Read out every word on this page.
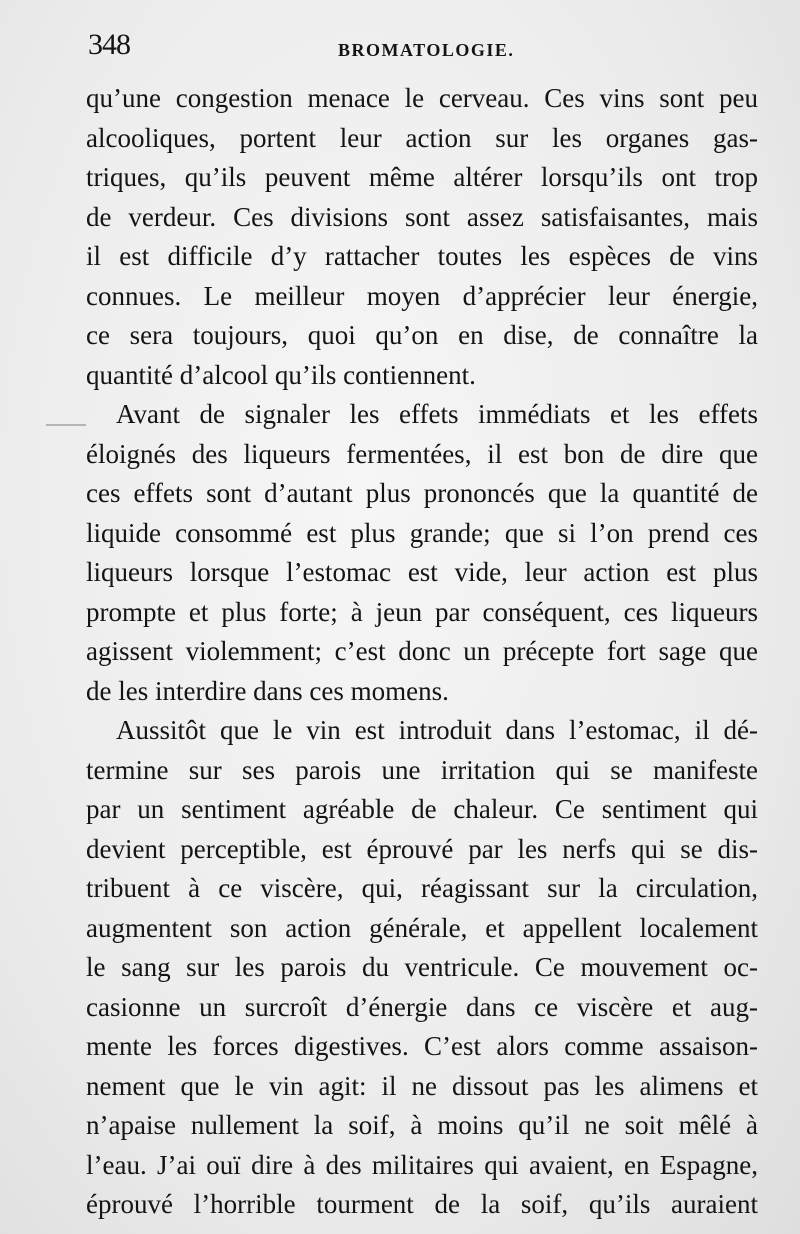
348	BROMATOLOGIE.
qu’une congestion menace le cerveau. Ces vins sont peu
alcooliques, portent leur action sur les organes gas-
triques, qu’ils peuvent même altérer lorsqu’ils ont trop
de verdeur. Ces divisions sont assez satisfaisantes, mais
il est difficile d’y rattacher toutes les espèces de vins
connues. Le meilleur moyen d’apprécier leur énergie,
ce sera toujours, quoi qu’on en dise, de connaître la
quantité d’alcool qu’ils contiennent.
Avant de signaler les effets immédiats et les effets
éloignés des liqueurs fermentées, il est bon de dire que
ces effets sont d’autant plus prononcés que la quantité de
liquide consommé est plus grande; que si l’on prend ces
liqueurs lorsque l’estomac est vide, leur action est plus
prompte et plus forte; à jeun par conséquent, ces liqueurs
agissent violemment; c’est donc un précepte fort sage que
de les interdire dans ces momens.
Aussitôt que le vin est introduit dans l’estomac, il dé-
termine sur ses parois une irritation qui se manifeste
par un sentiment agréable de chaleur. Ce sentiment qui
devient perceptible, est éprouvé par les nerfs qui se dis-
tribuent à ce viscère, qui, réagissant sur la circulation,
augmentent son action générale, et appellent localement
le sang sur les parois du ventricule. Ce mouvement oc-
casionne un surcroît d’énergie dans ce viscère et aug-
mente les forces digestives. C’est alors comme assaison-
nement que le vin agit: il ne dissout pas les alimens et
n’apaise nullement la soif, à moins qu’il ne soit mêlé à
l’eau. J’ai ouï dire à des militaires qui avaient, en Espagne,
éprouvé l’horrible tourment de la soif, qu’ils auraient
